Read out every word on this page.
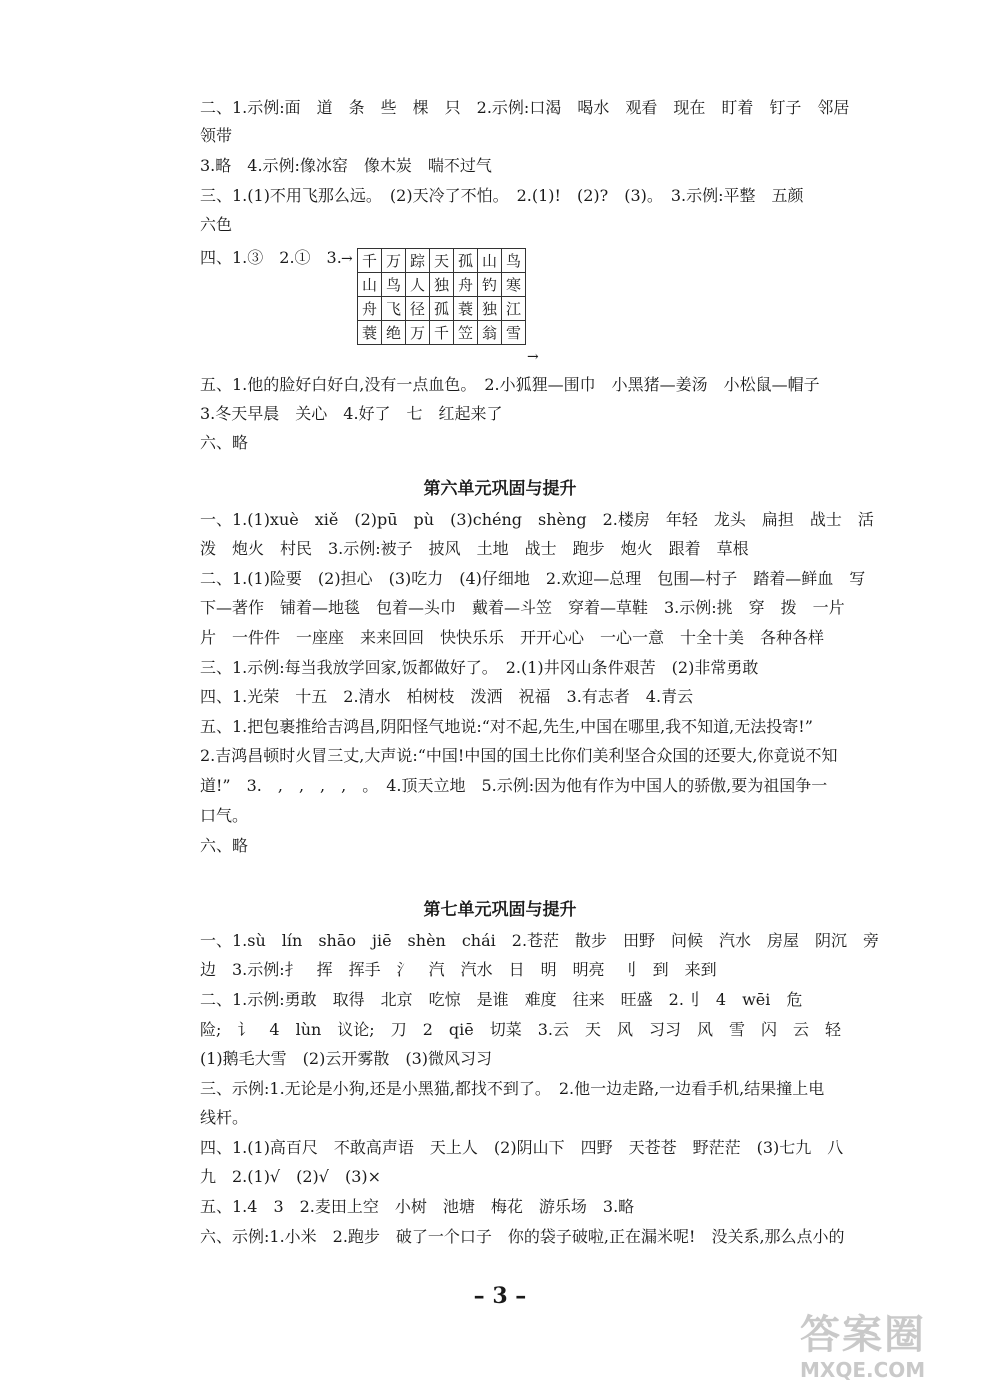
二、1.示例:面　道　条　些　棵　只　2.示例:口渴　喝水　观看　现在　盯着　钉子　邻居
领带
3.略　4.示例:像冰窑　像木炭　喘不过气
三、1.(1)不用飞那么远。　(2)天冷了不怕。　2.(1)!　(2)?　(3)。　3.示例:平整　五颜
六色
四、1.③　2.①　3. → 千	万	踪	天	孤	山	鸟
山	鸟	人	独	舟	钓	寒
舟	飞	径	孤	蓑	独	江
蓑	绝	万	千	笠	翁	雪
→
五、1.他的脸好白好白,没有一点血色。　2.小狐狸—围巾　小黑猪—姜汤　小松鼠—帽子
3.冬天早晨　关心　4.好了　七　红起来了
六、略
第六单元巩固与提升
一、1.(1)xuè　xiě　(2)pū　pù　(3)chéng　shèng　2.楼房　年轻　龙头　扁担　战士　活
泼　炮火　村民　3.示例:被子　披风　土地　战士　跑步　炮火　跟着　草根
二、1.(1)险要　(2)担心　(3)吃力　(4)仔细地　2.欢迎—总理　包围—村子　踏着—鲜血　写
下—著作　铺着—地毯　包着—头巾　戴着—斗笠　穿着—草鞋　3.示例:挑　穿　拨　一片
片　一件件　一座座　来来回回　快快乐乐　开开心心　一心一意　十全十美　各种各样
三、1.示例:每当我放学回家,饭都做好了。　2.(1)井冈山条件艰苦　(2)非常勇敢
四、1.光荣　十五　2.清水　柏树枝　泼洒　祝福　3.有志者　4.青云
五、1.把包裹推给吉鸿昌,阴阳怪气地说:“对不起,先生,中国在哪里,我不知道,无法投寄!”
2.吉鸿昌顿时火冒三丈,大声说:“中国!中国的国土比你们美利坚合众国的还要大,你竟说不知
道!”　3.　,　,　,　,　。　4.顶天立地　5.示例:因为他有作为中国人的骄傲,要为祖国争一
口气。
六、略
第七单元巩固与提升
一、1.sù　lín　shāo　jiē　shèn　chái　2.苍茫　散步　田野　问候　汽水　房屋　阴沉　旁
边　3.示例:扌　挥　挥手　氵　汽　汽水　日　明　明亮　刂　到　来到
二、1.示例:勇敢　取得　北京　吃惊　是谁　难度　往来　旺盛　2.刂　4　wēi　危
险;　讠　4　lùn　议论;　刀　2　qiē　切菜　3.云　天　风　习习　风　雪　闪　云　轻
(1)鹅毛大雪　(2)云开雾散　(3)微风习习
三、示例:1.无论是小狗,还是小黑猫,都找不到了。　2.他一边走路,一边看手机,结果撞上电
线杆。
四、1.(1)高百尺　不敢高声语　天上人　(2)阴山下　四野　天苍苍　野茫茫　(3)七九　八
九　2.(1)√　(2)√　(3)×
五、1.4　3　2.麦田上空　小树　池塘　梅花　游乐场　3.略
六、示例:1.小米　2.跑步　破了一个口子　你的袋子破啦,正在漏米呢!　没关系,那么点小的
– 3 –
答案圈
MXQE.COM
